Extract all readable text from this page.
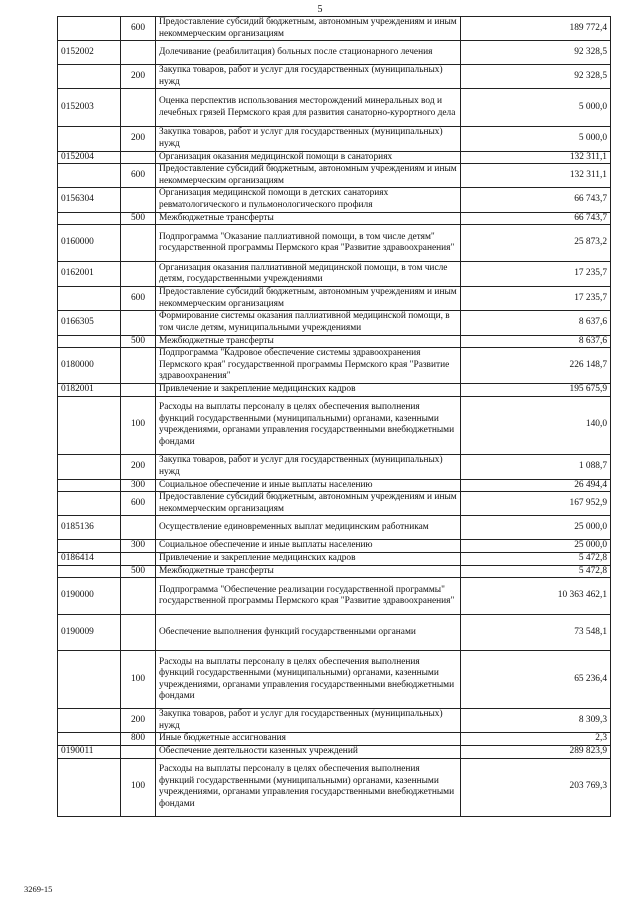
5
	600	Предоставление субсидий бюджетным, автономным учреждениям и иным некоммерческим организациям	189 772,4
0152002		Долечивание (реабилитация) больных после стационарного лечения	92 328,5
	200	Закупка товаров, работ и услуг для государственных (муниципальных) нужд	92 328,5
0152003		Оценка перспектив использования месторождений минеральных вод и лечебных грязей Пермского края для развития санаторно-курортного дела	5 000,0
	200	Закупка товаров, работ и услуг для государственных (муниципальных) нужд	5 000,0
0152004		Организация оказания медицинской помощи в санаториях	132 311,1
	600	Предоставление субсидий бюджетным, автономным учреждениям и иным некоммерческим организациям	132 311,1
0156304		Организация медицинской помощи в детских санаториях ревматологического и пульмонологического профиля	66 743,7
	500	Межбюджетные трансферты	66 743,7
0160000		Подпрограмма "Оказание паллиативной помощи, в том числе детям" государственной программы Пермского края "Развитие здравоохранения"	25 873,2
0162001		Организация оказания паллиативной медицинской помощи, в том числе детям, государственными учреждениями	17 235,7
	600	Предоставление субсидий бюджетным, автономным учреждениям и иным некоммерческим организациям	17 235,7
0166305		Формирование системы оказания паллиативной медицинской помощи, в том числе детям, муниципальными учреждениями	8 637,6
	500	Межбюджетные трансферты	8 637,6
0180000		Подпрограмма "Кадровое обеспечение системы здравоохранения Пермского края" государственной программы Пермского края "Развитие здравоохранения"	226 148,7
0182001		Привлечение и закрепление медицинских кадров	195 675,9
	100	Расходы на выплаты персоналу в целях обеспечения выполнения функций государственными (муниципальными) органами, казенными учреждениями, органами управления государственными внебюджетными фондами	140,0
	200	Закупка товаров, работ и услуг для государственных (муниципальных) нужд	1 088,7
	300	Социальное обеспечение и иные выплаты населению	26 494,4
	600	Предоставление субсидий бюджетным, автономным учреждениям и иным некоммерческим организациям	167 952,9
0185136		Осуществление единовременных выплат медицинским работникам	25 000,0
	300	Социальное обеспечение и иные выплаты населению	25 000,0
0186414		Привлечение и закрепление медицинских кадров	5 472,8
	500	Межбюджетные трансферты	5 472,8
0190000		Подпрограмма "Обеспечение реализации государственной программы" государственной программы Пермского края "Развитие здравоохранения"	10 363 462,1
0190009		Обеспечение выполнения функций государственными органами	73 548,1
	100	Расходы на выплаты персоналу в целях обеспечения выполнения функций государственными (муниципальными) органами, казенными учреждениями, органами управления государственными внебюджетными фондами	65 236,4
	200	Закупка товаров, работ и услуг для государственных (муниципальных) нужд	8 309,3
	800	Иные бюджетные ассигнования	2,3
0190011		Обеспечение деятельности казенных учреждений	289 823,9
	100	Расходы на выплаты персоналу в целях обеспечения выполнения функций государственными (муниципальными) органами, казенными учреждениями, органами управления государственными внебюджетными фондами	203 769,3
3269-15
